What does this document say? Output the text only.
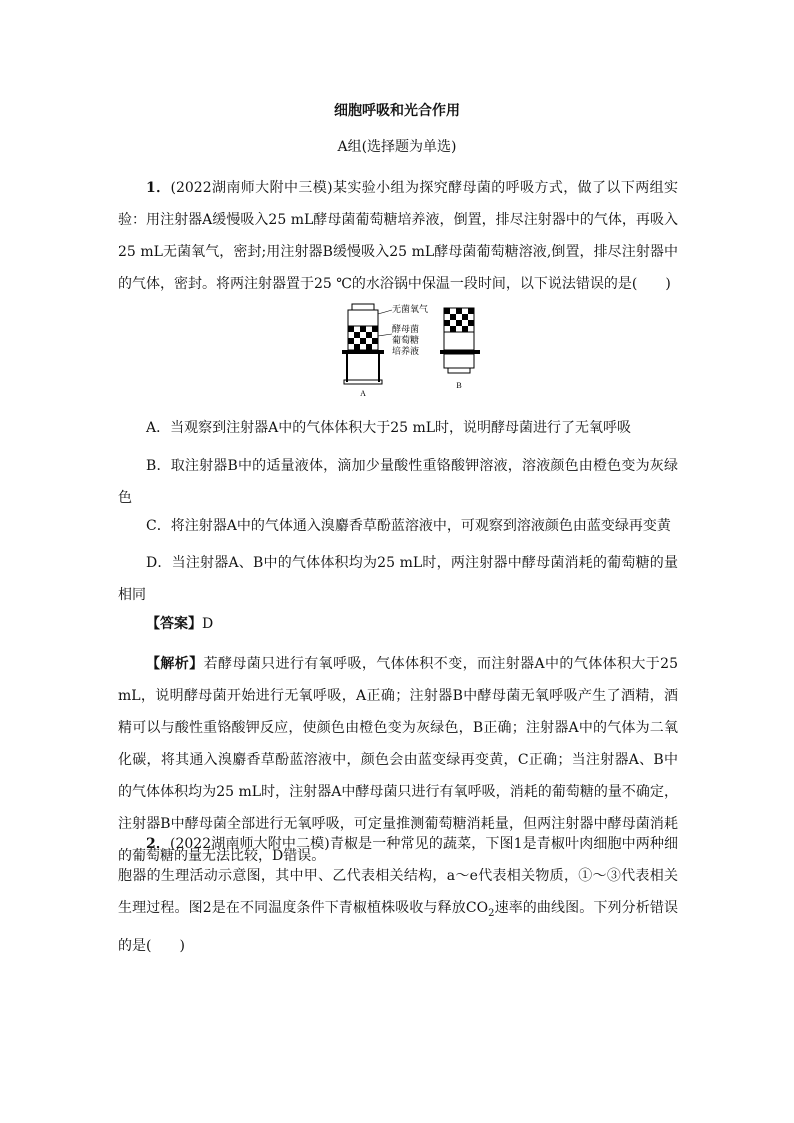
细胞呼吸和光合作用
A组(选择题为单选)

1．(2022湖南师大附中三模)某实验小组为探究酵母菌的呼吸方式，做了以下两组实验：用注射器A缓慢吸入25 mL酵母菌葡萄糖培养液，倒置，排尽注射器中的气体，再吸入25 mL无菌氧气，密封;用注射器B缓慢吸入25 mL酵母菌葡萄糖溶液,倒置，排尽注射器中的气体，密封。将两注射器置于25 ℃的水浴锅中保温一段时间，以下说法错误的是(　　)

A
无菌氧气
酵母菌
葡萄糖
培养液
B

A．当观察到注射器A中的气体体积大于25 mL时，说明酵母菌进行了无氧呼吸

B．取注射器B中的适量液体，滴加少量酸性重铬酸钾溶液，溶液颜色由橙色变为灰绿色

C．将注射器A中的气体通入溴麝香草酚蓝溶液中，可观察到溶液颜色由蓝变绿再变黄

D．当注射器A、B中的气体体积均为25 mL时，两注射器中酵母菌消耗的葡萄糖的量相同

【答案】D

【解析】若酵母菌只进行有氧呼吸，气体体积不变，而注射器A中的气体体积大于25 mL，说明酵母菌开始进行无氧呼吸，A正确；注射器B中酵母菌无氧呼吸产生了酒精，酒精可以与酸性重铬酸钾反应，使颜色由橙色变为灰绿色，B正确；注射器A中的气体为二氧化碳，将其通入溴麝香草酚蓝溶液中，颜色会由蓝变绿再变黄，C正确；当注射器A、B中的气体体积均为25 mL时，注射器A中酵母菌只进行有氧呼吸，消耗的葡萄糖的量不确定，注射器B中酵母菌全部进行无氧呼吸，可定量推测葡萄糖消耗量，但两注射器中酵母菌消耗的葡萄糖的量无法比较，D错误。

2．(2022湖南师大附中二模)青椒是一种常见的蔬菜，下图1是青椒叶肉细胞中两种细胞器的生理活动示意图，其中甲、乙代表相关结构，a～e代表相关物质，①～③代表相关生理过程。图2是在不同温度条件下青椒植株吸收与释放$CO_2$速率的曲线图。下列分析错误的是(　　)
